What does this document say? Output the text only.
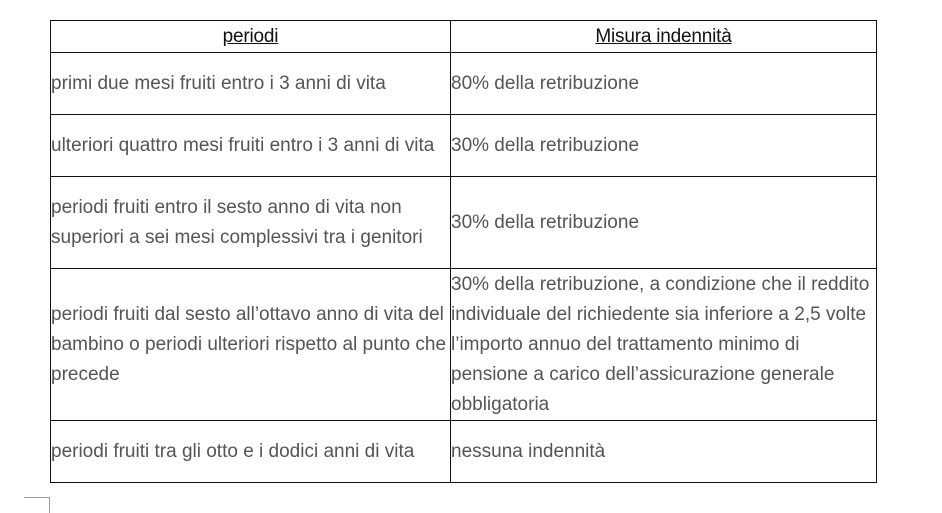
periodi	Misura indennità
primi due mesi fruiti entro i 3 anni di vita	80% della retribuzione
ulteriori quattro mesi fruiti entro i 3 anni di vita	30% della retribuzione
periodi fruiti entro il sesto anno di vita non superiori a sei mesi complessivi tra i genitori	30% della retribuzione
periodi fruiti dal sesto all’ottavo anno di vita del bambino o periodi ulteriori rispetto al punto che precede	30% della retribuzione, a condizione che il reddito individuale del richiedente sia inferiore a 2,5 volte l’importo annuo del trattamento minimo di pensione a carico dell’assicurazione generale obbligatoria
periodi fruiti tra gli otto e i dodici anni di vita	nessuna indennità
